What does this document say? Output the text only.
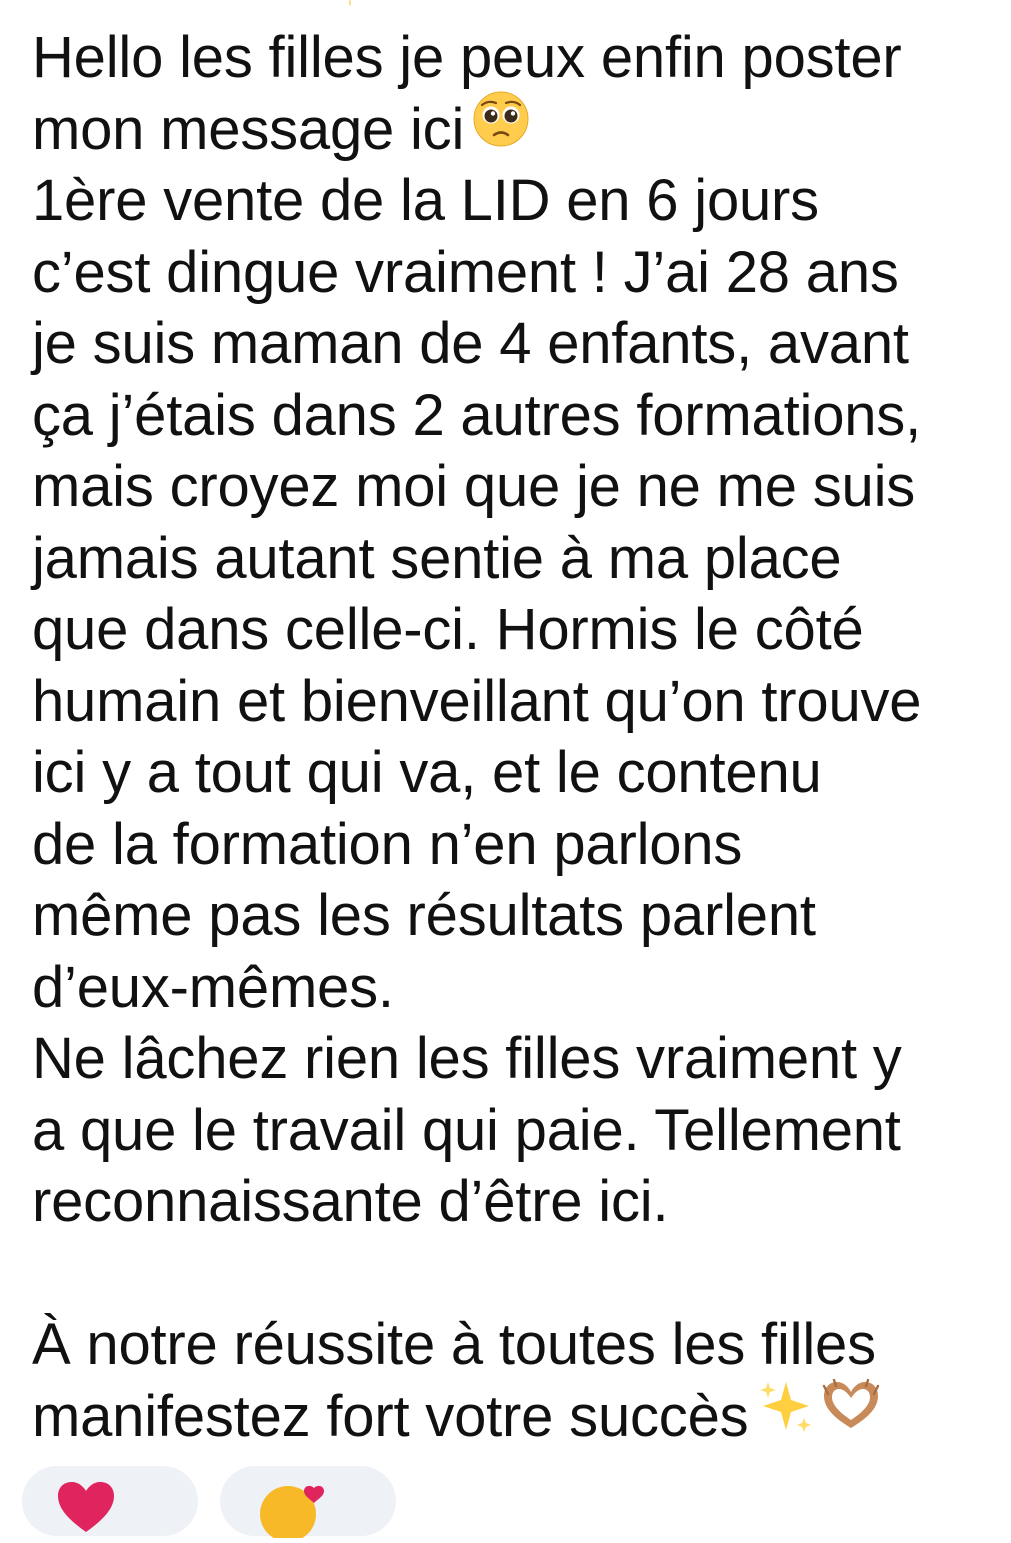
Hello les filles je peux enfin poster
mon message ici
1ère vente de la LID en 6 jours
c’est dingue vraiment ! J’ai 28 ans
je suis maman de 4 enfants, avant
ça j’étais dans 2 autres formations,
mais croyez moi que je ne me suis
jamais autant sentie à ma place
que dans celle-ci. Hormis le côté
humain et bienveillant qu’on trouve
ici y a tout qui va, et le contenu
de la formation n’en parlons
même pas les résultats parlent
d’eux-mêmes.
Ne lâchez rien les filles vraiment y
a que le travail qui paie. Tellement
reconnaissante d’être ici.
À notre réussite à toutes les filles
manifestez fort votre succès
